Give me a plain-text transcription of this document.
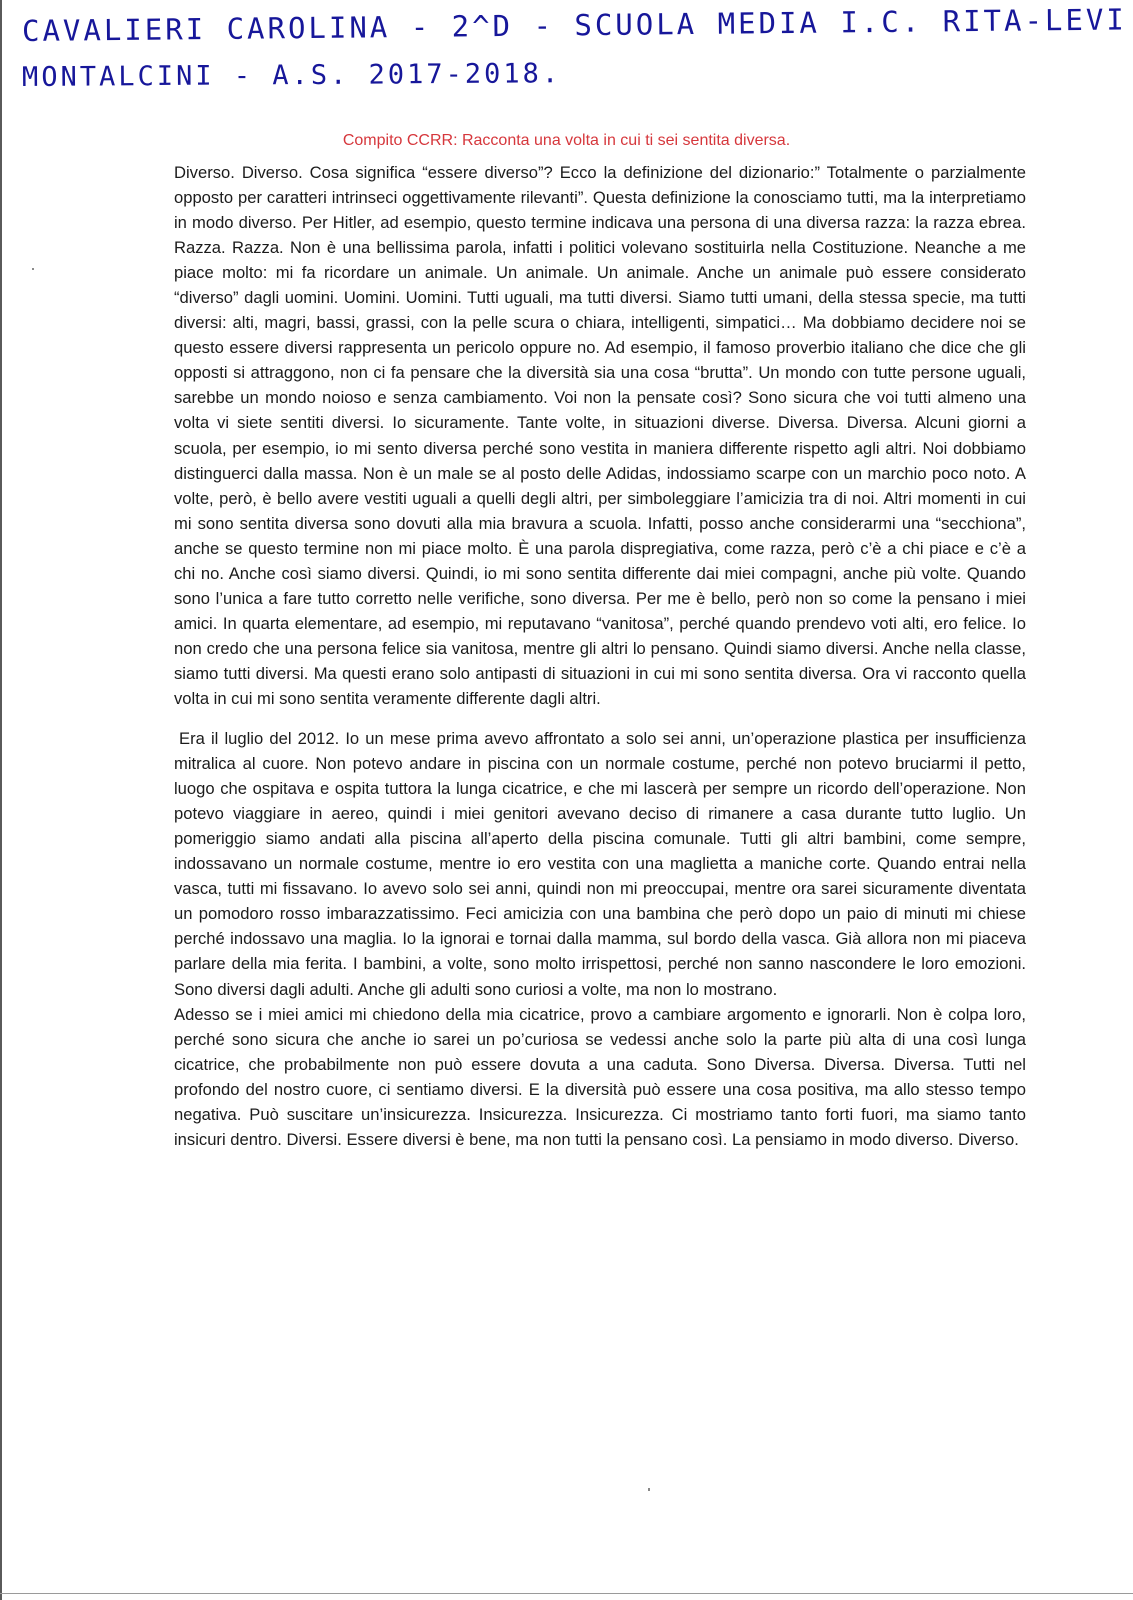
CAVALIERI CAROLINA - 2^D - SCUOLA MEDIA I.C. RITA-LEVI
MONTALCINI - A.S. 2017-2018.
Compito CCRR: Racconta una volta in cui ti sei sentita diversa.

Diverso. Diverso. Cosa significa “essere diverso”? Ecco la definizione del dizionario:” Totalmente o parzialmente opposto per caratteri intrinseci oggettivamente rilevanti”. Questa definizione la conosciamo tutti, ma la interpretiamo in modo diverso. Per Hitler, ad esempio, questo termine indicava una persona di una diversa razza: la razza ebrea. Razza. Razza. Non è una bellissima parola, infatti i politici volevano sostituirla nella Costituzione. Neanche a me piace molto: mi fa ricordare un animale. Un animale. Un animale. Anche un animale può essere considerato “diverso” dagli uomini. Uomini. Uomini. Tutti uguali, ma tutti diversi. Siamo tutti umani, della stessa specie, ma tutti diversi: alti, magri, bassi, grassi, con la pelle scura o chiara, intelligenti, simpatici… Ma dobbiamo decidere noi se questo essere diversi rappresenta un pericolo oppure no. Ad esempio, il famoso proverbio italiano che dice che gli opposti si attraggono, non ci fa pensare che la diversità sia una cosa “brutta”. Un mondo con tutte persone uguali, sarebbe un mondo noioso e senza cambiamento. Voi non la pensate così? Sono sicura che voi tutti almeno una volta vi siete sentiti diversi. Io sicuramente. Tante volte, in situazioni diverse. Diversa. Diversa. Alcuni giorni a scuola, per esempio, io mi sento diversa perché sono vestita in maniera differente rispetto agli altri. Noi dobbiamo distinguerci dalla massa. Non è un male se al posto delle Adidas, indossiamo scarpe con un marchio poco noto. A volte, però, è bello avere vestiti uguali a quelli degli altri, per simboleggiare l’amicizia tra di noi. Altri momenti in cui mi sono sentita diversa sono dovuti alla mia bravura a scuola. Infatti, posso anche considerarmi una “secchiona”, anche se questo termine non mi piace molto. È una parola dispregiativa, come razza, però c’è a chi piace e c’è a chi no. Anche così siamo diversi. Quindi, io mi sono sentita differente dai miei compagni, anche più volte. Quando sono l’unica a fare tutto corretto nelle verifiche, sono diversa. Per me è bello, però non so come la pensano i miei amici. In quarta elementare, ad esempio, mi reputavano “vanitosa”, perché quando prendevo voti alti, ero felice. Io non credo che una persona felice sia vanitosa, mentre gli altri lo pensano. Quindi siamo diversi. Anche nella classe, siamo tutti diversi. Ma questi erano solo antipasti di situazioni in cui mi sono sentita diversa. Ora vi racconto quella volta in cui mi sono sentita veramente differente dagli altri.

Era il luglio del 2012. Io un mese prima avevo affrontato a solo sei anni, un’operazione plastica per insufficienza mitralica al cuore. Non potevo andare in piscina con un normale costume, perché non potevo bruciarmi il petto, luogo che ospitava e ospita tuttora la lunga cicatrice, e che mi lascerà per sempre un ricordo dell’operazione. Non potevo viaggiare in aereo, quindi i miei genitori avevano deciso di rimanere a casa durante tutto luglio. Un pomeriggio siamo andati alla piscina all’aperto della piscina comunale. Tutti gli altri bambini, come sempre, indossavano un normale costume, mentre io ero vestita con una maglietta a maniche corte. Quando entrai nella vasca, tutti mi fissavano. Io avevo solo sei anni, quindi non mi preoccupai, mentre ora sarei sicuramente diventata un pomodoro rosso imbarazzatissimo. Feci amicizia con una bambina che però dopo un paio di minuti mi chiese perché indossavo una maglia. Io la ignorai e tornai dalla mamma, sul bordo della vasca. Già allora non mi piaceva parlare della mia ferita. I bambini, a volte, sono molto irrispettosi, perché non sanno nascondere le loro emozioni. Sono diversi dagli adulti. Anche gli adulti sono curiosi a volte, ma non lo mostrano.

Adesso se i miei amici mi chiedono della mia cicatrice, provo a cambiare argomento e ignorarli. Non è colpa loro, perché sono sicura che anche io sarei un po’curiosa se vedessi anche solo la parte più alta di una così lunga cicatrice, che probabilmente non può essere dovuta a una caduta. Sono Diversa. Diversa. Diversa. Tutti nel profondo del nostro cuore, ci sentiamo diversi. E la diversità può essere una cosa positiva, ma allo stesso tempo negativa. Può suscitare un’insicurezza. Insicurezza. Insicurezza. Ci mostriamo tanto forti fuori, ma siamo tanto insicuri dentro. Diversi. Essere diversi è bene, ma non tutti la pensano così. La pensiamo in modo diverso. Diverso.
